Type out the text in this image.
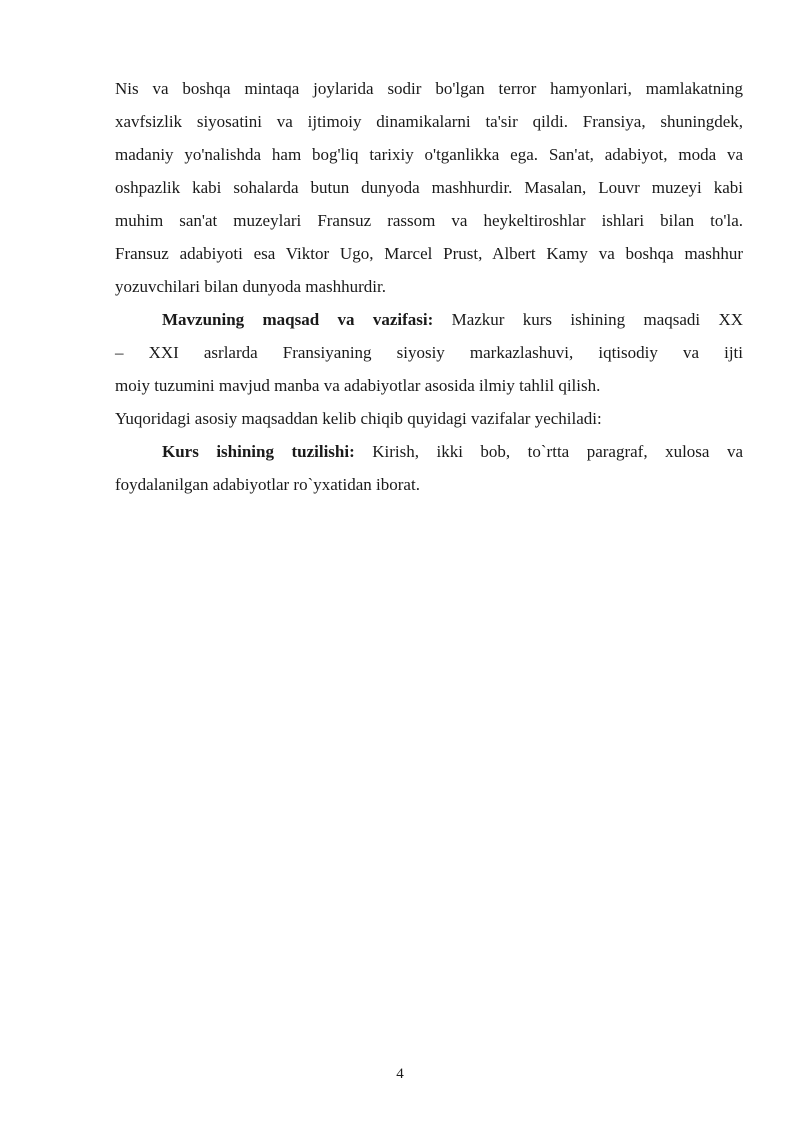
Nis va boshqa mintaqa joylarida sodir bo'lgan terror hamyonlari, mamlakatning
xavfsizlik siyosatini va ijtimoiy dinamikalarni ta'sir qildi. Fransiya, shuningdek,
madaniy yo'nalishda ham bog'liq tarixiy o'tganlikka ega. San'at, adabiyot, moda va
oshpazlik kabi sohalarda butun dunyoda mashhurdir. Masalan, Louvr muzeyi kabi
muhim san'at muzeylari Fransuz rassom va heykeltiroshlar ishlari bilan to'la.
Fransuz adabiyoti esa Viktor Ugo, Marcel Prust, Albert Kamy va boshqa mashhur
yozuvchilari bilan dunyoda mashhurdir.
Mavzuning maqsad va vazifasi: Mazkur kurs ishining maqsadi XX
– XXI asrlarda Fransiyaning siyosiy markazlashuvi, iqtisodiy va ijti
moiy tuzumini mavjud manba va adabiyotlar asosida ilmiy tahlil qilish.
Yuqoridagi asosiy maqsaddan kelib chiqib quyidagi vazifalar yechiladi:
Kurs ishining tuzilishi: Kirish, ikki bob, to`rtta paragraf, xulosa va
foydalanilgan adabiyotlar ro`yxatidan iborat.
4
